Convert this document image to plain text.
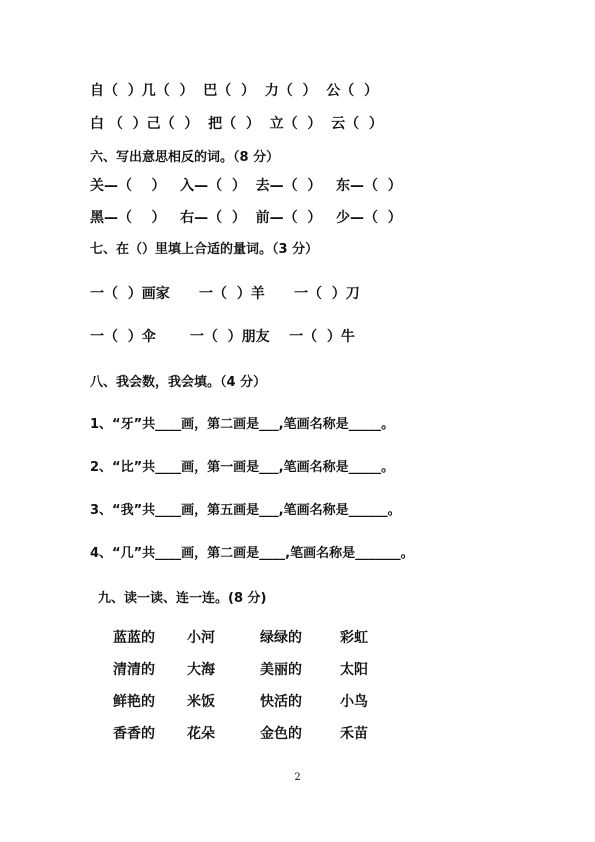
自（  ）几（  ）  巴（  ）  力（  ）  公（  ）
白 （  ）己（  ）  把（  ）  立（  ）  云（  ）
六、写出意思相反的词。（8 分）
关—（    ）   入—（  ）  去—（  ）   东—（  ）
黑—（    ）   右—（  ）  前—（  ）   少—（  ）
七、在（）里填上合适的量词。（3 分）
一（  ）画家      一（  ）羊      一（  ）刀
一（  ）伞       一（  ）朋友    一（  ）牛
八、我会数，我会填。（4 分）
1、“牙”共____画，第二画是___,笔画名称是_____。
2、“比”共____画，第一画是___,笔画名称是_____。
3、“我”共____画，第五画是___,笔画名称是______。
4、“几”共____画，第二画是____,笔画名称是_______。
九、读一读、连一连。(8 分)
蓝蓝的 小河	绿绿的	彩虹
清清的 大海	美丽的	太阳
鲜艳的 米饭	快活的	小鸟
香香的 花朵	金色的	禾苗
2
